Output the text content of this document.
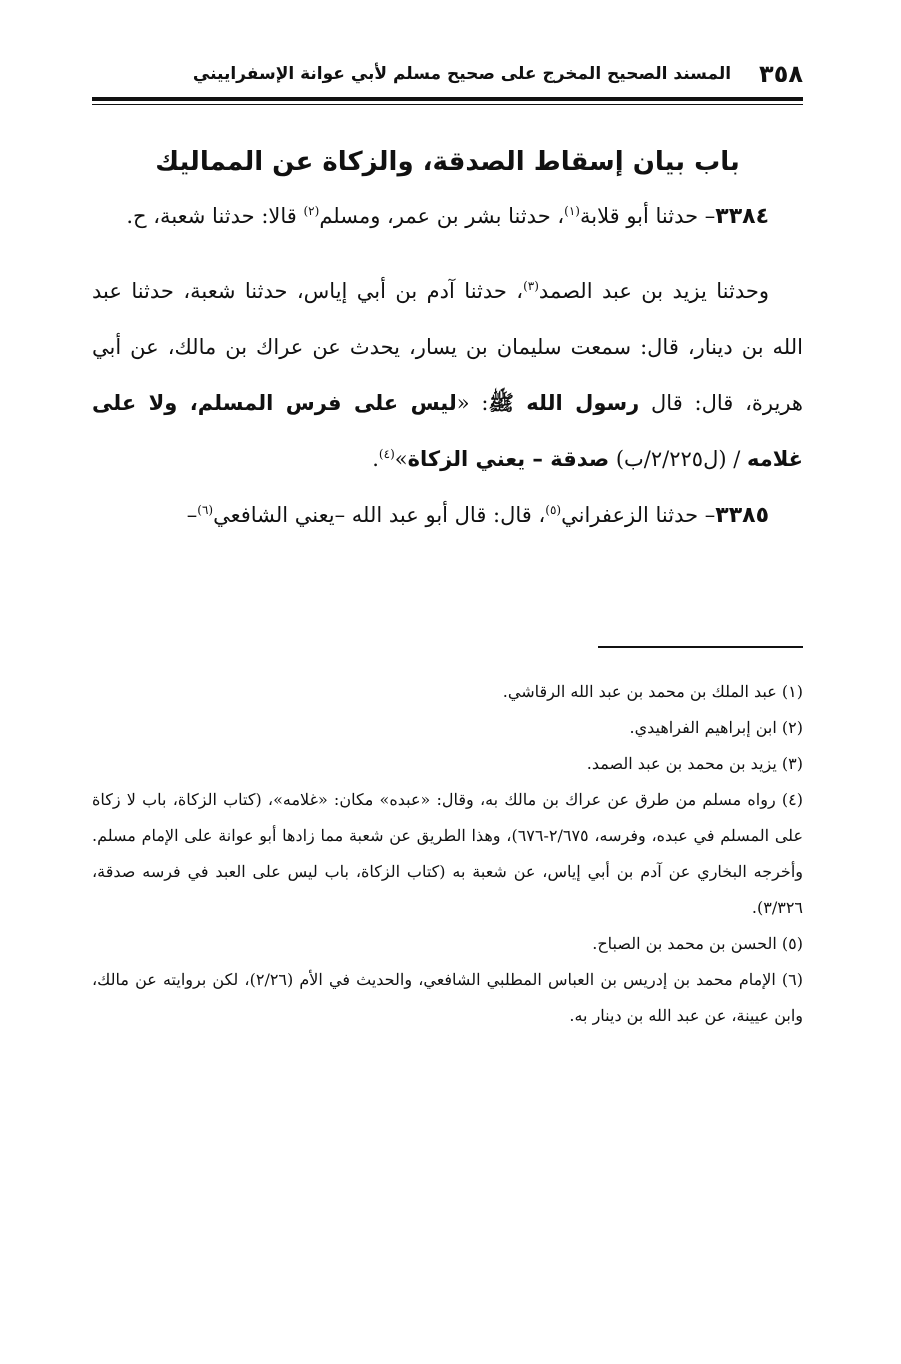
٣٥٨
المسند الصحيح المخرج على صحيح مسلم لأبي عوانة الإسفراييني
باب بيان إسقاط الصدقة، والزكاة عن المماليك

٣٣٨٤– حدثنا أبو قلابة$^{(١)}$، حدثنا بشر بن عمر، ومسلم$^{(٢)}$ قالا: حدثنا شعبة، ح.

وحدثنا يزيد بن عبد الصمد$^{(٣)}$، حدثنا آدم بن أبي إياس، حدثنا شعبة، حدثنا عبد الله بن دينار، قال: سمعت سليمان بن يسار، يحدث عن عراك بن مالك، عن أبي هريرة، قال: قال رسول الله ﷺ: «ليس على فرس المسلم، ولا على غلامه / (ل٢/٢٢٥/ب) صدقة – يعني الزكاة»$^{(٤)}$.

٣٣٨٥– حدثنا الزعفراني$^{(٥)}$، قال: قال أبو عبد الله –يعني الشافعي$^{(٦)}$–

(١) عبد الملك بن محمد بن عبد الله الرقاشي.

(٢) ابن إبراهيم الفراهيدي.

(٣) يزيد بن محمد بن عبد الصمد.

(٤) رواه مسلم من طرق عن عراك بن مالك به، وقال: «عبده» مكان: «غلامه»، (كتاب الزكاة، باب لا زكاة على المسلم في عبده، وفرسه، ٢/٦٧٥-٦٧٦)، وهذا الطريق عن شعبة مما زادها أبو عوانة على الإمام مسلم. وأخرجه البخاري عن آدم بن أبي إياس، عن شعبة به (كتاب الزكاة، باب ليس على العبد في فرسه صدقة، ٣/٣٢٦).

(٥) الحسن بن محمد بن الصباح.

(٦) الإمام محمد بن إدريس بن العباس المطلبي الشافعي، والحديث في الأم (٢/٢٦)، لكن بروايته عن مالك، وابن عيينة، عن عبد الله بن دينار به.
